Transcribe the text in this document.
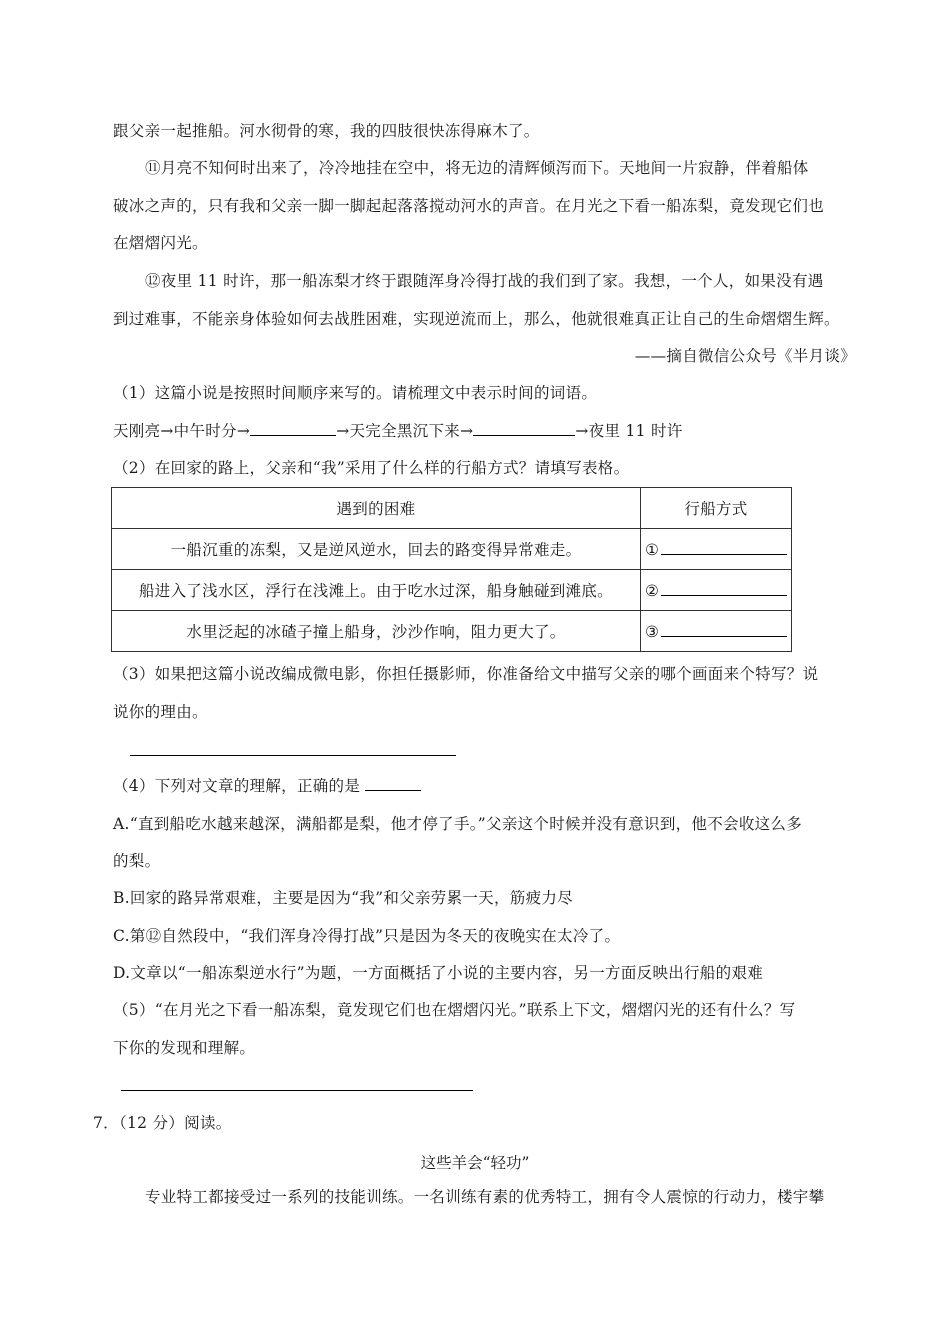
跟父亲一起推船。河水彻骨的寒，我的四肢很快冻得麻木了。
⑪月亮不知何时出来了，冷冷地挂在空中，将无边的清辉倾泻而下。天地间一片寂静，伴着船体
破冰之声的，只有我和父亲一脚一脚起起落落搅动河水的声音。在月光之下看一船冻梨，竟发现它们也
在熠熠闪光。
⑫夜里 11 时许，那一船冻梨才终于跟随浑身冷得打战的我们到了家。我想，一个人，如果没有遇
到过难事，不能亲身体验如何去战胜困难，实现逆流而上，那么，他就很难真正让自己的生命熠熠生辉。
——摘自微信公众号《半月谈》
（1）这篇小说是按照时间顺序来写的。请梳理文中表示时间的词语。
天刚亮→中午时分→	→天完全黑沉下来→	→夜里 11 时许
（2）在回家的路上，父亲和“我”采用了什么样的行船方式？请填写表格。
遇到的困难	行船方式
一船沉重的冻梨，又是逆风逆水，回去的路变得异常难走。	①
船进入了浅水区，浮行在浅滩上。由于吃水过深，船身触碰到滩底。	②
水里泛起的冰碴子撞上船身，沙沙作响，阻力更大了。	③
（3）如果把这篇小说改编成微电影，你担任摄影师，你准备给文中描写父亲的哪个画面来个特写？说
说你的理由。
（4）下列对文章的理解，正确的是
A.“直到船吃水越来越深，满船都是梨，他才停了手。”父亲这个时候并没有意识到，他不会收这么多
的梨。
B.回家的路异常艰难，主要是因为“我”和父亲劳累一天，筋疲力尽
C.第⑫自然段中，“我们浑身冷得打战”只是因为冬天的夜晚实在太冷了。
D.文章以“一船冻梨逆水行”为题，一方面概括了小说的主要内容，另一方面反映出行船的艰难
（5）“在月光之下看一船冻梨，竟发现它们也在熠熠闪光。”联系上下文，熠熠闪光的还有什么？写
下你的发现和理解。
7．（12 分）阅读。
这些羊会“轻功”
专业特工都接受过一系列的技能训练。一名训练有素的优秀特工，拥有令人震惊的行动力，楼宇攀
